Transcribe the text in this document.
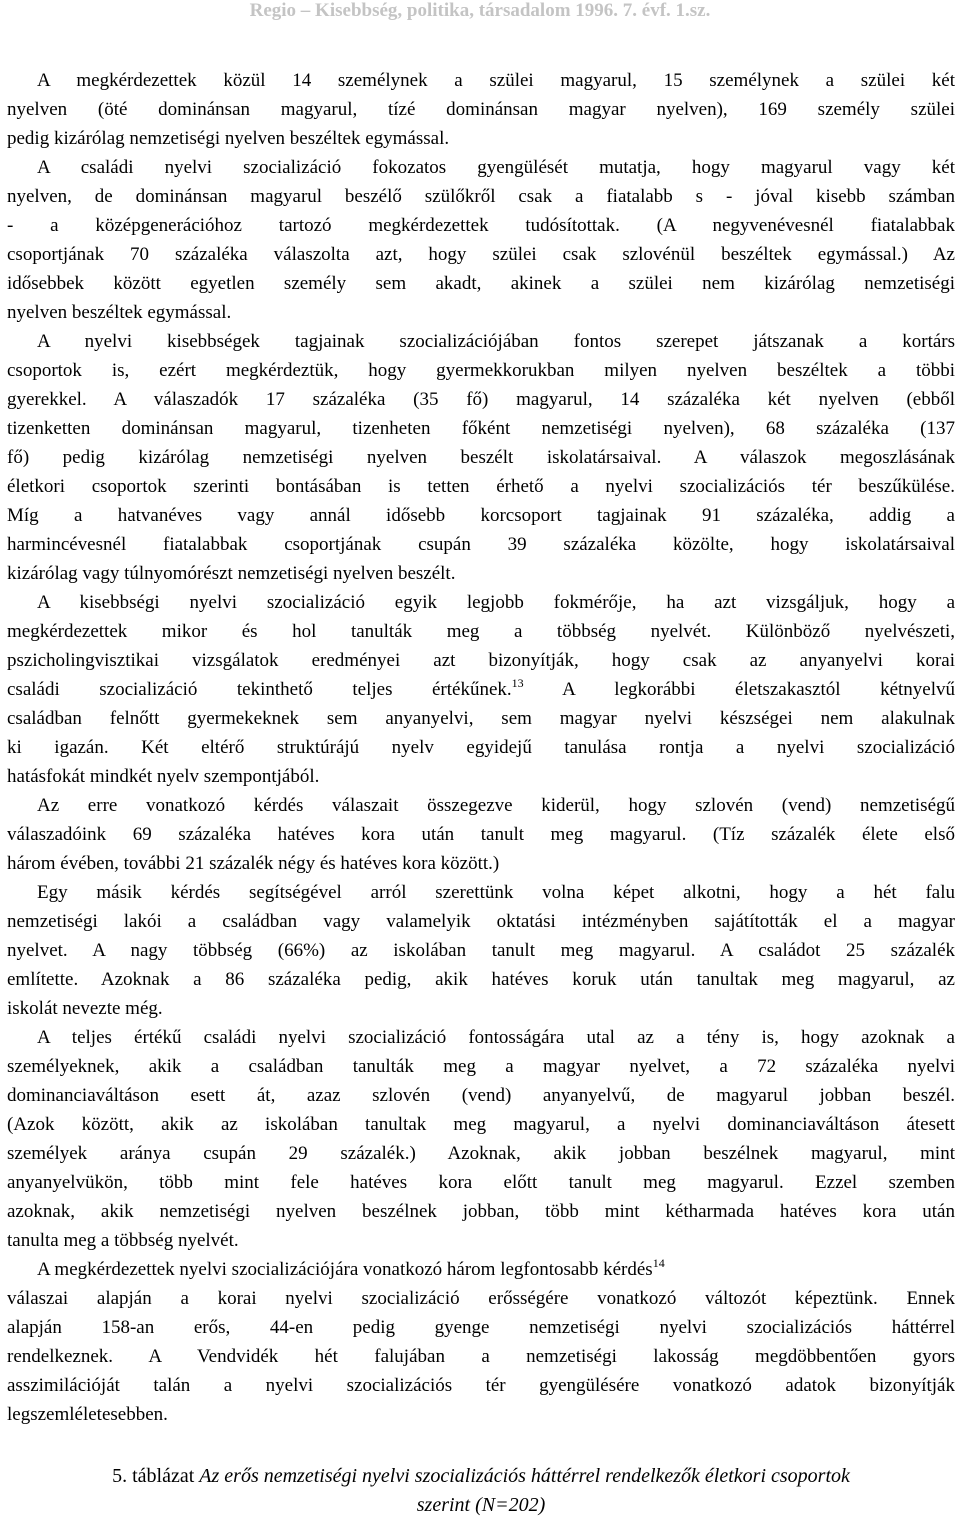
Regio – Kisebbség, politika, társadalom 1996. 7. évf. 1.sz.
A megkérdezettek közül 14 személynek a szülei magyarul, 15 személynek a szülei két
nyelven (öté dominánsan magyarul, tízé dominánsan magyar nyelven), 169 személy szülei
pedig kizárólag nemzetiségi nyelven beszéltek egymással.
A családi nyelvi szocializáció fokozatos gyengülését mutatja, hogy magyarul vagy két
nyelven, de dominánsan magyarul beszélő szülőkről csak a fiatalabb s - jóval kisebb számban
- a középgenerációhoz tartozó megkérdezettek tudósítottak. (A negyvenévesnél fiatalabbak
csoportjának 70 százaléka válaszolta azt, hogy szülei csak szlovénül beszéltek egymással.) Az
idősebbek között egyetlen személy sem akadt, akinek a szülei nem kizárólag nemzetiségi
nyelven beszéltek egymással.
A nyelvi kisebbségek tagjainak szocializációjában fontos szerepet játszanak a kortárs
csoportok is, ezért megkérdeztük, hogy gyermekkorukban milyen nyelven beszéltek a többi
gyerekkel. A válaszadók 17 százaléka (35 fő) magyarul, 14 százaléka két nyelven (ebből
tizenketten dominánsan magyarul, tizenheten főként nemzetiségi nyelven), 68 százaléka (137
fő) pedig kizárólag nemzetiségi nyelven beszélt iskolatársaival. A válaszok megoszlásának
életkori csoportok szerinti bontásában is tetten érhető a nyelvi szocializációs tér beszűkülése.
Míg a hatvanéves vagy annál idősebb korcsoport tagjainak 91 százaléka, addig a
harmincévesnél fiatalabbak csoportjának csupán 39 százaléka közölte, hogy iskolatársaival
kizárólag vagy túlnyomórészt nemzetiségi nyelven beszélt.
A kisebbségi nyelvi szocializáció egyik legjobb fokmérője, ha azt vizsgáljuk, hogy a
megkérdezettek mikor és hol tanulták meg a többség nyelvét. Különböző nyelvészeti,
pszicholingvisztikai vizsgálatok eredményei azt bizonyítják, hogy csak az anyanyelvi korai
családi szocializáció tekinthető teljes értékűnek.$^{13}$ A legkorábbi életszakasztól kétnyelvű
családban felnőtt gyermekeknek sem anyanyelvi, sem magyar nyelvi készségei nem alakulnak
ki igazán. Két eltérő struktúrájú nyelv egyidejű tanulása rontja a nyelvi szocializáció
hatásfokát mindkét nyelv szempontjából.
Az erre vonatkozó kérdés válaszait összegezve kiderül, hogy szlovén (vend) nemzetiségű
válaszadóink 69 százaléka hatéves kora után tanult meg magyarul. (Tíz százalék élete első
három évében, további 21 százalék négy és hatéves kora között.)
Egy másik kérdés segítségével arról szerettünk volna képet alkotni, hogy a hét falu
nemzetiségi lakói a családban vagy valamelyik oktatási intézményben sajátították el a magyar
nyelvet. A nagy többség (66%) az iskolában tanult meg magyarul. A családot 25 százalék
említette. Azoknak a 86 százaléka pedig, akik hatéves koruk után tanultak meg magyarul, az
iskolát nevezte még.
A teljes értékű családi nyelvi szocializáció fontosságára utal az a tény is, hogy azoknak a
személyeknek, akik a családban tanulták meg a magyar nyelvet, a 72 százaléka nyelvi
dominanciaváltáson esett át, azaz szlovén (vend) anyanyelvű, de magyarul jobban beszél.
(Azok között, akik az iskolában tanultak meg magyarul, a nyelvi dominanciaváltáson átesett
személyek aránya csupán 29 százalék.) Azoknak, akik jobban beszélnek magyarul, mint
anyanyelvükön, több mint fele hatéves kora előtt tanult meg magyarul. Ezzel szemben
azoknak, akik nemzetiségi nyelven beszélnek jobban, több mint kétharmada hatéves kora után
tanulta meg a többség nyelvét.
A megkérdezettek nyelvi szocializációjára vonatkozó három legfontosabb kérdés$^{14}$
válaszai alapján a korai nyelvi szocializáció erősségére vonatkozó változót képeztünk. Ennek
alapján 158-an erős, 44-en pedig gyenge nemzetiségi nyelvi szocializációs háttérrel
rendelkeznek. A Vendvidék hét falujában a nemzetiségi lakosság megdöbbentően gyors
asszimilációját talán a nyelvi szocializációs tér gyengülésére vonatkozó adatok bizonyítják
legszemléletesebben.
5. táblázat Az erős nemzetiségi nyelvi szocializációs háttérrel rendelkezők életkori csoportok
szerint (N=202)
